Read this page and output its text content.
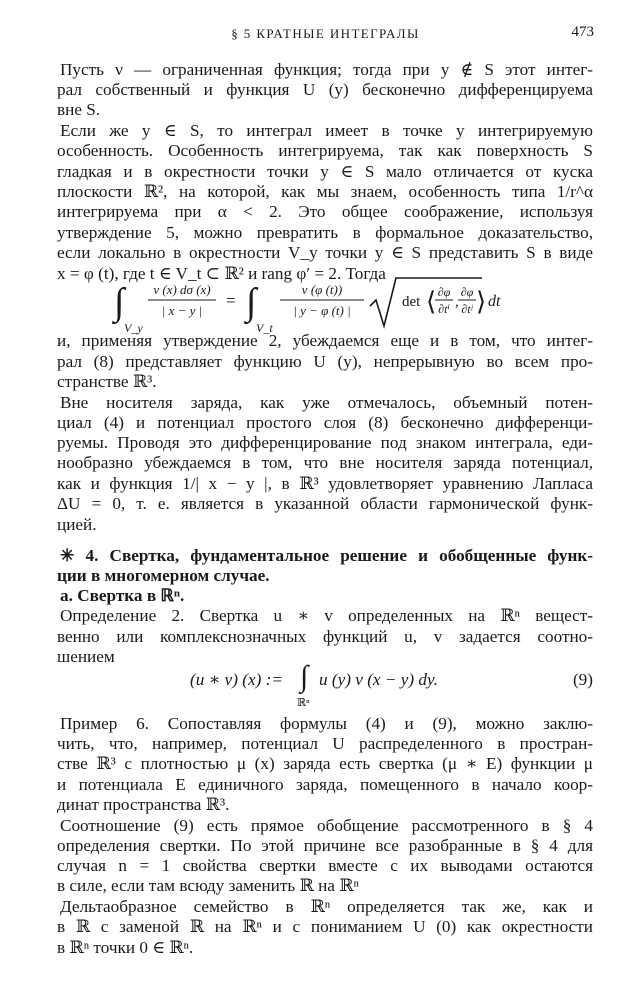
§ 5 КРАТНЫЕ ИНТЕГРАЛЫ	473
Пусть ν — ограниченная функция; тогда при y ∉ S этот интег-
рал собственный и функция U (y) бесконечно дифференцируема
вне S.
Если же y ∈ S, то интеграл имеет в точке y интегрируемую
особенность. Особенность интегрируема, так как поверхность S
гладкая и в окрестности точки y ∈ S мало отличается от куска
плоскости ℝ², на которой, как мы знаем, особенность типа 1/r^α
интегрируема при α < 2. Это общее соображение, используя
утверждение 5, можно превратить в формальное доказательство,
если локально в окрестности V_y точки y ∈ S представить S в виде
x = φ (t), где t ∈ V_t ⊂ ℝ² и rang φ′ = 2. Тогда
∫
V_y
ν (x) dσ (x)
| x − y |
= ∫
V_t
ν (φ (t))
| y − φ (t) |
det ⟨ ∂φ
∂tⁱ ,
∂φ
∂tʲ ⟩ dt
и, применяя утверждение 2, убеждаемся еще и в том, что интег-
рал (8) представляет функцию U (y), непрерывную во всем про-
странстве ℝ³.
Вне носителя заряда, как уже отмечалось, объемный потен-
циал (4) и потенциал простого слоя (8) бесконечно дифференци-
руемы. Проводя это дифференцирование под знаком интеграла, еди-
нообразно убеждаемся в том, что вне носителя заряда потенциал,
как и функция 1/| x − y |, в ℝ³ удовлетворяет уравнению Лапласа
ΔU = 0, т. е. является в указанной области гармонической функ-
цией.
✳ 4. Свертка, фундаментальное решение и обобщенные функ-
ции в многомерном случае.
а. Свертка в ℝⁿ.
Определение 2. Свертка u ∗ v определенных на ℝⁿ вещест-
венно или комплекснозначных функций u, v задается соотно-
шением
(u ∗ v) (x) := ∫
ℝⁿ
u (y) v (x − y) dy.	(9)
Пример 6. Сопоставляя формулы (4) и (9), можно заклю-
чить, что, например, потенциал U распределенного в простран-
стве ℝ³ с плотностью μ (x) заряда есть свертка (μ ∗ E) функции μ
и потенциала E единичного заряда, помещенного в начало коор-
динат пространства ℝ³.
Соотношение (9) есть прямое обобщение рассмотренного в § 4
определения свертки. По этой причине все разобранные в § 4 для
случая n = 1 свойства свертки вместе с их выводами остаются
в силе, если там всюду заменить ℝ на ℝⁿ
Дельтаобразное семейство в ℝⁿ определяется так же, как и
в ℝ с заменой ℝ на ℝⁿ и с пониманием U (0) как окрестности
в ℝⁿ точки 0 ∈ ℝⁿ.
